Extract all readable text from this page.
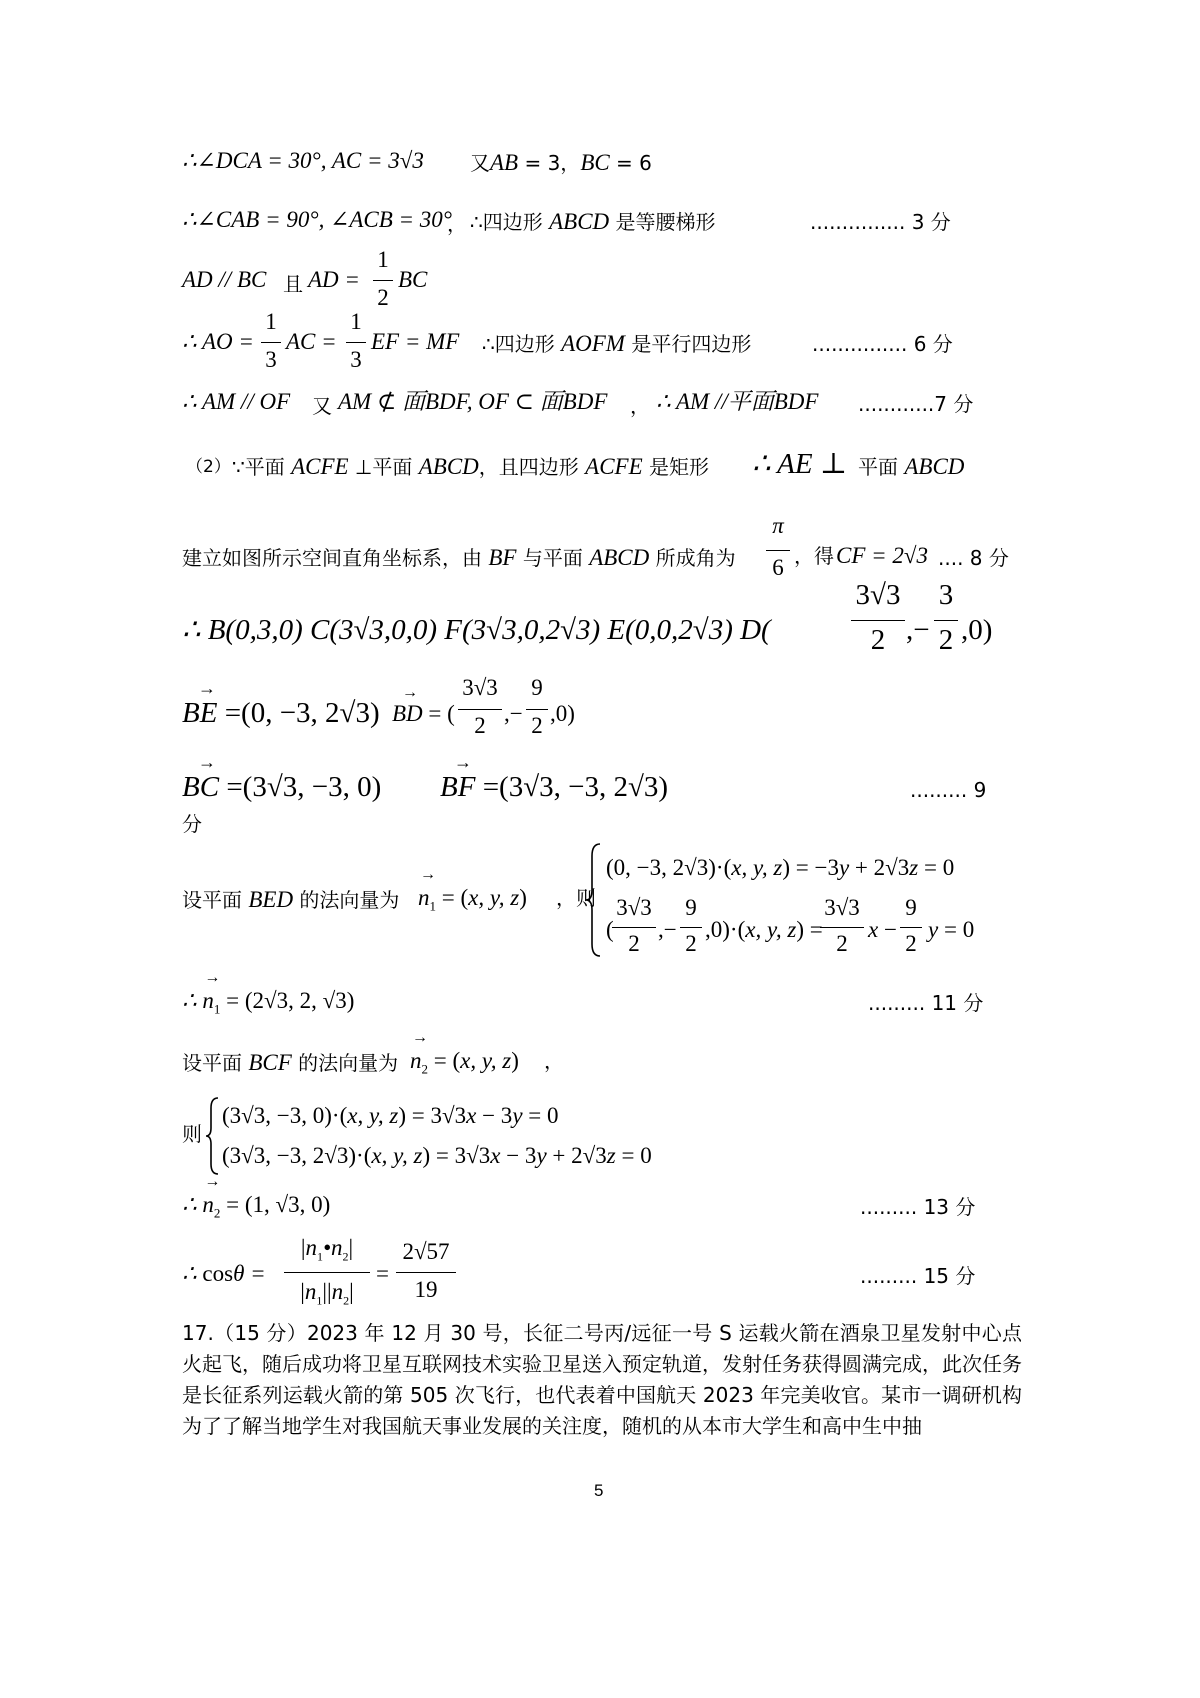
∴∠DCA = 30°, AC = 3√3 又AB = 3，BC = 6
∴∠CAB = 90°, ∠ACB = 30°
， ∴四边形 ABCD 是等腰梯形	............... 3 分
AD // BC 且 AD =
1
2
BC
∴ AO =
1
3
AC =
1
3
EF = MF ∴四边形 AOFM 是平行四边形	............... 6 分
∴ AM // OF 又 AM ⊄ 面BDF, OF ⊂ 面BDF ， ∴ AM //平面BDF ............7 分
（2） ∵平面 ACFE ⊥平面 ABCD，且四边形 ACFE 是矩形 ∴ AE ⊥ 平面 ABCD
建立如图所示空间直角坐标系，由 BF 与平面 ABCD 所成角为
π
6 ，得 CF = 2√3 .... 8 分
∴ B(0,3,0) C(3√3,0,0) F(3√3,0,2√3) E(0,0,2√3) D(
3√3
2 ,−
3
2 ,0)
BE
→
=(0, −3, 2√3) BD
→
= (
3√3
2 ,−
9
2 ,0)
BC
→
=(3√3, −3, 0) BF
→
=(3√3, −3, 2√3)	......... 9
分
设平面 BED 的法向量为 $n_1$
→
= (x, y, z) ，则
(0, −3, 2√3)·(x, y, z) = −3y + 2√3z = 0
(
3√3
2
,−
9
2
,0)·(x, y, z) =
3√3
2
x −
9
2
y = 0
∴ $n_1$
→
= (2√3, 2, √3)	......... 11 分
设平面 BCF 的法向量为 $n_2$
→
= (x, y, z) ，
则
(3√3, −3, 0)·(x, y, z) = 3√3x − 3y = 0
(3√3, −3, 2√3)·(x, y, z) = 3√3x − 3y + 2√3z = 0
∴ $n_2$
→
= (1, √3, 0)	......... 13 分
∴ cosθ =
$|n_1•n_2|$
$|n_1||n_2|$
=
2√57
19
......... 15 分
17.（15 分）2023 年 12 月 30 号，长征二号丙/远征一号 S 运载火箭在酒泉卫星发射中心点火起飞，随后成功将卫星互联网技术实验卫星送入预定轨道，发射任务获得圆满完成，此次任务是长征系列运载火箭的第 505 次飞行，也代表着中国航天 2023 年完美收官。某市一调研机构为了了解当地学生对我国航天事业发展的关注度，随机的从本市大学生和高中生中抽
5
